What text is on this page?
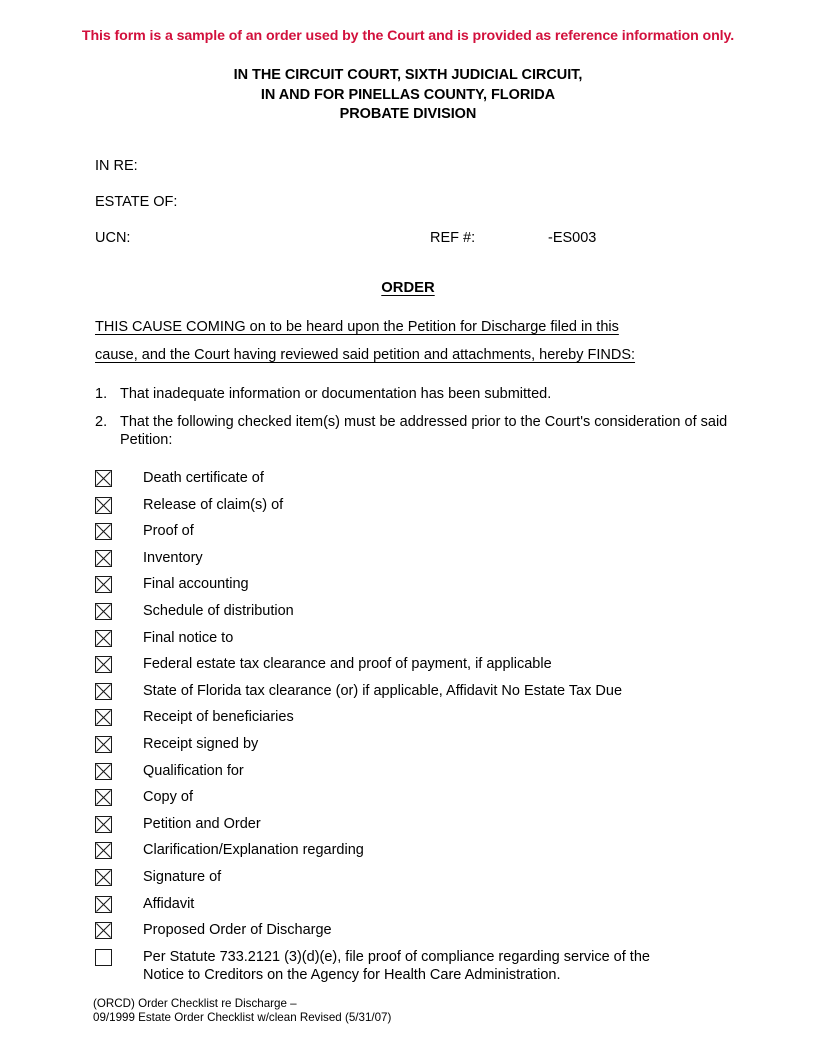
This form is a sample of an order used by the Court and is provided as reference information only.
IN THE CIRCUIT COURT, SIXTH JUDICIAL CIRCUIT,
IN AND FOR PINELLAS COUNTY, FLORIDA
PROBATE DIVISION
IN RE:
ESTATE OF:
UCN:	REF #:	-ES003
ORDER
THIS CAUSE COMING on to be heard upon the Petition for Discharge filed in this
cause, and the Court having reviewed said petition and attachments, hereby FINDS:
1. That inadequate information or documentation has been submitted.
2. That the following checked item(s) must be addressed prior to the Court's consideration of said Petition:
Death certificate of
Release of claim(s) of
Proof of
Inventory
Final accounting
Schedule of distribution
Final notice to
Federal estate tax clearance and proof of payment, if applicable
State of Florida tax clearance (or) if applicable, Affidavit No Estate Tax Due
Receipt of beneficiaries
Receipt signed by
Qualification for
Copy of
Petition and Order
Clarification/Explanation regarding
Signature of
Affidavit
Proposed Order of Discharge
Per Statute 733.2121 (3)(d)(e), file proof of compliance regarding service of the
Notice to Creditors on the Agency for Health Care Administration.
(ORCD) Order Checklist re Discharge –
09/1999 Estate Order Checklist w/clean Revised (5/31/07)
